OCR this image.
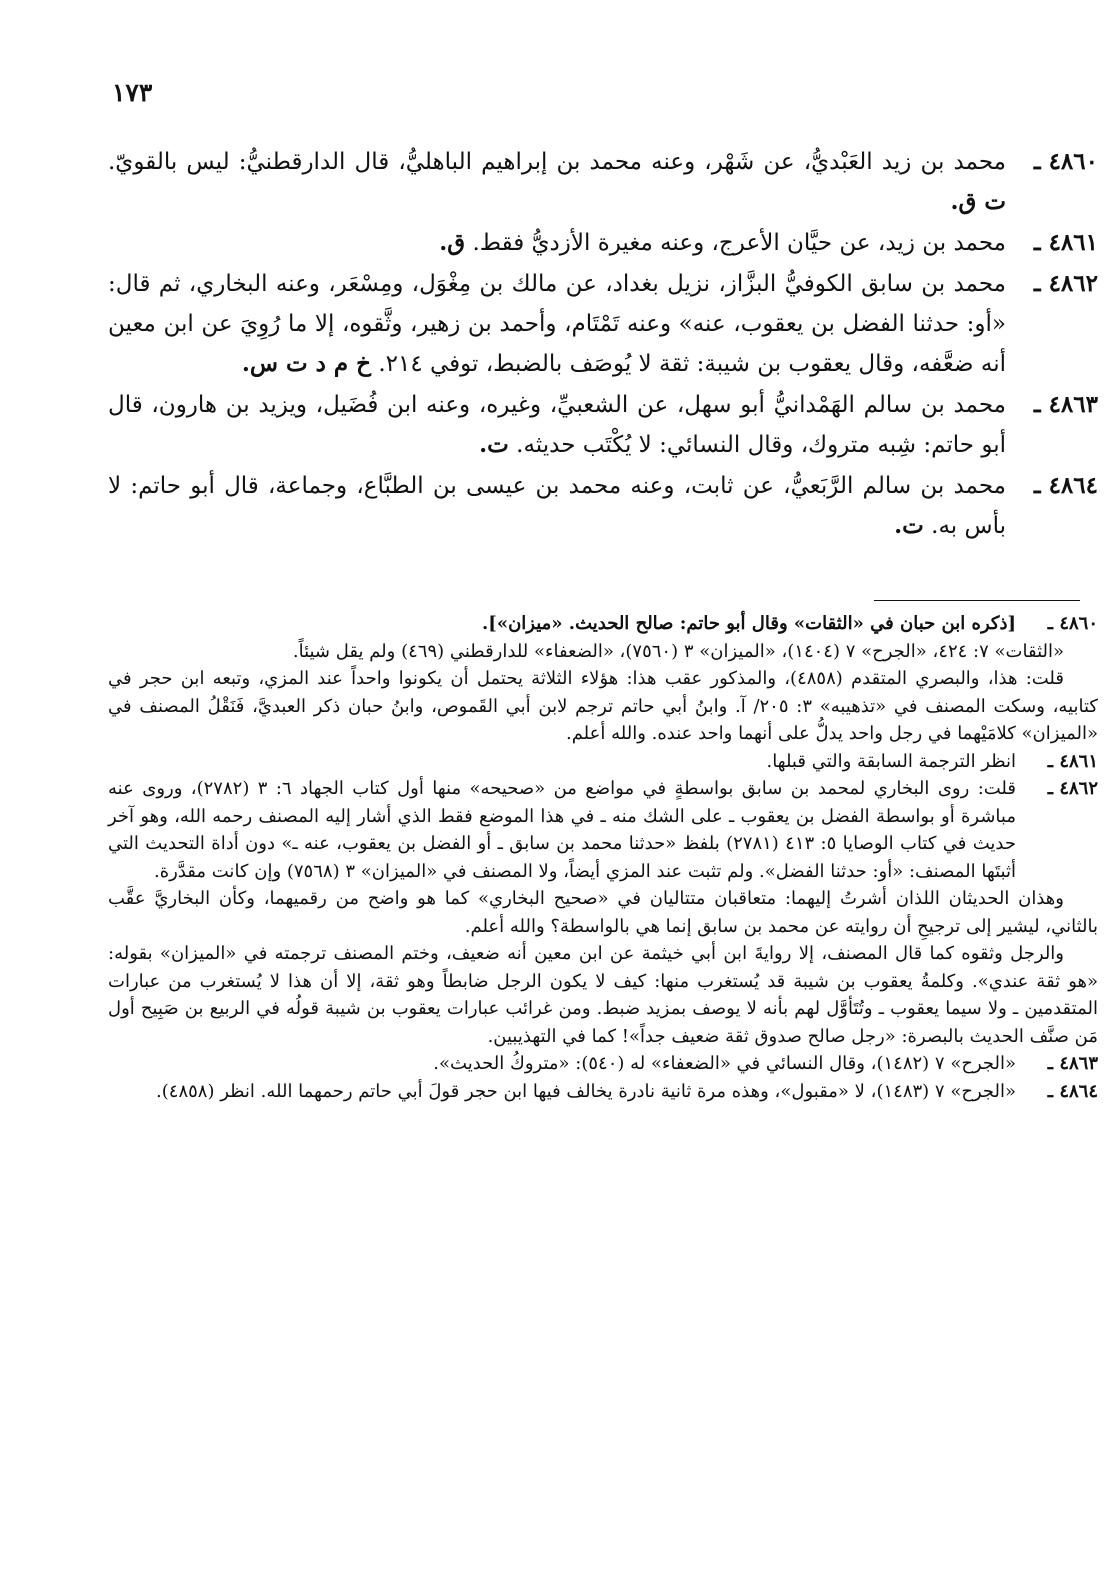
١٧٣

٤٨٦٠ ـ
محمد بن زيد العَبْديُّ، عن شَهْر، وعنه محمد بن إبراهيم الباهليُّ، قال الدارقطنيُّ: ليس بالقويّ. ت ق.

٤٨٦١ ـ
محمد بن زيد، عن حيَّان الأعرج، وعنه مغيرة الأزديُّ فقط. ق.

٤٨٦٢ ـ
محمد بن سابق الكوفيُّ البزَّاز، نزيل بغداد، عن مالك بن مِغْوَل، ومِسْعَر، وعنه البخاري، ثم قال: «أو: حدثنا الفضل بن يعقوب، عنه» وعنه تَمْتَام، وأحمد بن زهير، وثَّقوه، إلا ما رُوِيَ عن ابن معين أنه ضعَّفه، وقال يعقوب بن شيبة: ثقة لا يُوصَف بالضبط، توفي ٢١٤. خ م د ت س.

٤٨٦٣ ـ
محمد بن سالم الهَمْدانيُّ أبو سهل، عن الشعبيِّ، وغيره، وعنه ابن فُضَيل، ويزيد بن هارون، قال أبو حاتم: شِبه متروك، وقال النسائي: لا يُكْتَب حديثه. ت.

٤٨٦٤ ـ
محمد بن سالم الرَّبَعيُّ، عن ثابت، وعنه محمد بن عيسى بن الطبَّاع، وجماعة، قال أبو حاتم: لا بأس به. ت.

٤٨٦٠ ـ
[ذكره ابن حبان في «الثقات» وقال أبو حاتم: صالح الحديث. «ميزان»].

«الثقات» ٧: ٤٢٤، «الجرح» ٧ (١٤٠٤)، «الميزان» ٣ (٧٥٦٠)، «الضعفاء» للدارقطني (٤٦٩) ولم يقل شيئاً.

قلت: هذا، والبصري المتقدم (٤٨٥٨)، والمذكور عقب هذا: هؤلاء الثلاثة يحتمل أن يكونوا واحداً عند المزي، وتبعه ابن حجر في كتابيه، وسكت المصنف في «تذهيبه» ٣: ٢٠٥/ آ. وابنُ أبي حاتم ترجم لابن أبي القَموص، وابنُ حبان ذكر العبديَّ، فَنَقْلُ المصنف في «الميزان» كلامَيْهما في رجل واحد يدلُّ على أنهما واحد عنده. والله أعلم.

٤٨٦١ ـ
انظر الترجمة السابقة والتي قبلها.

٤٨٦٢ ـ
قلت: روى البخاري لمحمد بن سابق بواسطةٍ في مواضع من «صحيحه» منها أول كتاب الجهاد ٦: ٣ (٢٧٨٢)، وروى عنه مباشرة أو بواسطة الفضل بن يعقوب ـ على الشك منه ـ في هذا الموضع فقط الذي أشار إليه المصنف رحمه الله، وهو آخر حديث في كتاب الوصايا ٥: ٤١٣ (٢٧٨١) بلفظ «حدثنا محمد بن سابق ـ أو الفضل بن يعقوب، عنه ـ» دون أداة التحديث التي أثبتَها المصنف: «أو: حدثنا الفضل». ولم تثبت عند المزي أيضاً، ولا المصنف في «الميزان» ٣ (٧٥٦٨) وإن كانت مقدَّرة.

وهذان الحديثان اللذان أشرتُ إليهما: متعاقبان متتاليان في «صحيح البخاري» كما هو واضح من رقميهما، وكأن البخاريَّ عقَّب بالثاني، ليشير إلى ترجيحِ أن روايته عن محمد بن سابق إنما هي بالواسطة؟ والله أعلم.

والرجل وثقوه كما قال المصنف، إلا روايةَ ابن أبي خيثمة عن ابن معين أنه ضعيف، وختم المصنف ترجمته في «الميزان» بقوله: «هو ثقة عندي». وكلمةُ يعقوب بن شيبة قد يُستغرب منها: كيف لا يكون الرجل ضابطاً وهو ثقة، إلا أن هذا لا يُستغرب من عبارات المتقدمين ـ ولا سيما يعقوب ـ وتُتَأوَّل لهم بأنه لا يوصف بمزيد ضبط. ومن غرائب عبارات يعقوب بن شيبة قولُه في الربيع بن صَبِيح أول مَن صنَّف الحديث بالبصرة: «رجل صالح صدوق ثقة ضعيف جداً»! كما في التهذيبين.

٤٨٦٣ ـ
«الجرح» ٧ (١٤٨٢)، وقال النسائي في «الضعفاء» له (٥٤٠): «متروكُ الحديث».

٤٨٦٤ ـ
«الجرح» ٧ (١٤٨٣)، لا «مقبول»، وهذه مرة ثانية نادرة يخالف فيها ابن حجر قولَ أبي حاتم رحمهما الله. انظر (٤٨٥٨).
